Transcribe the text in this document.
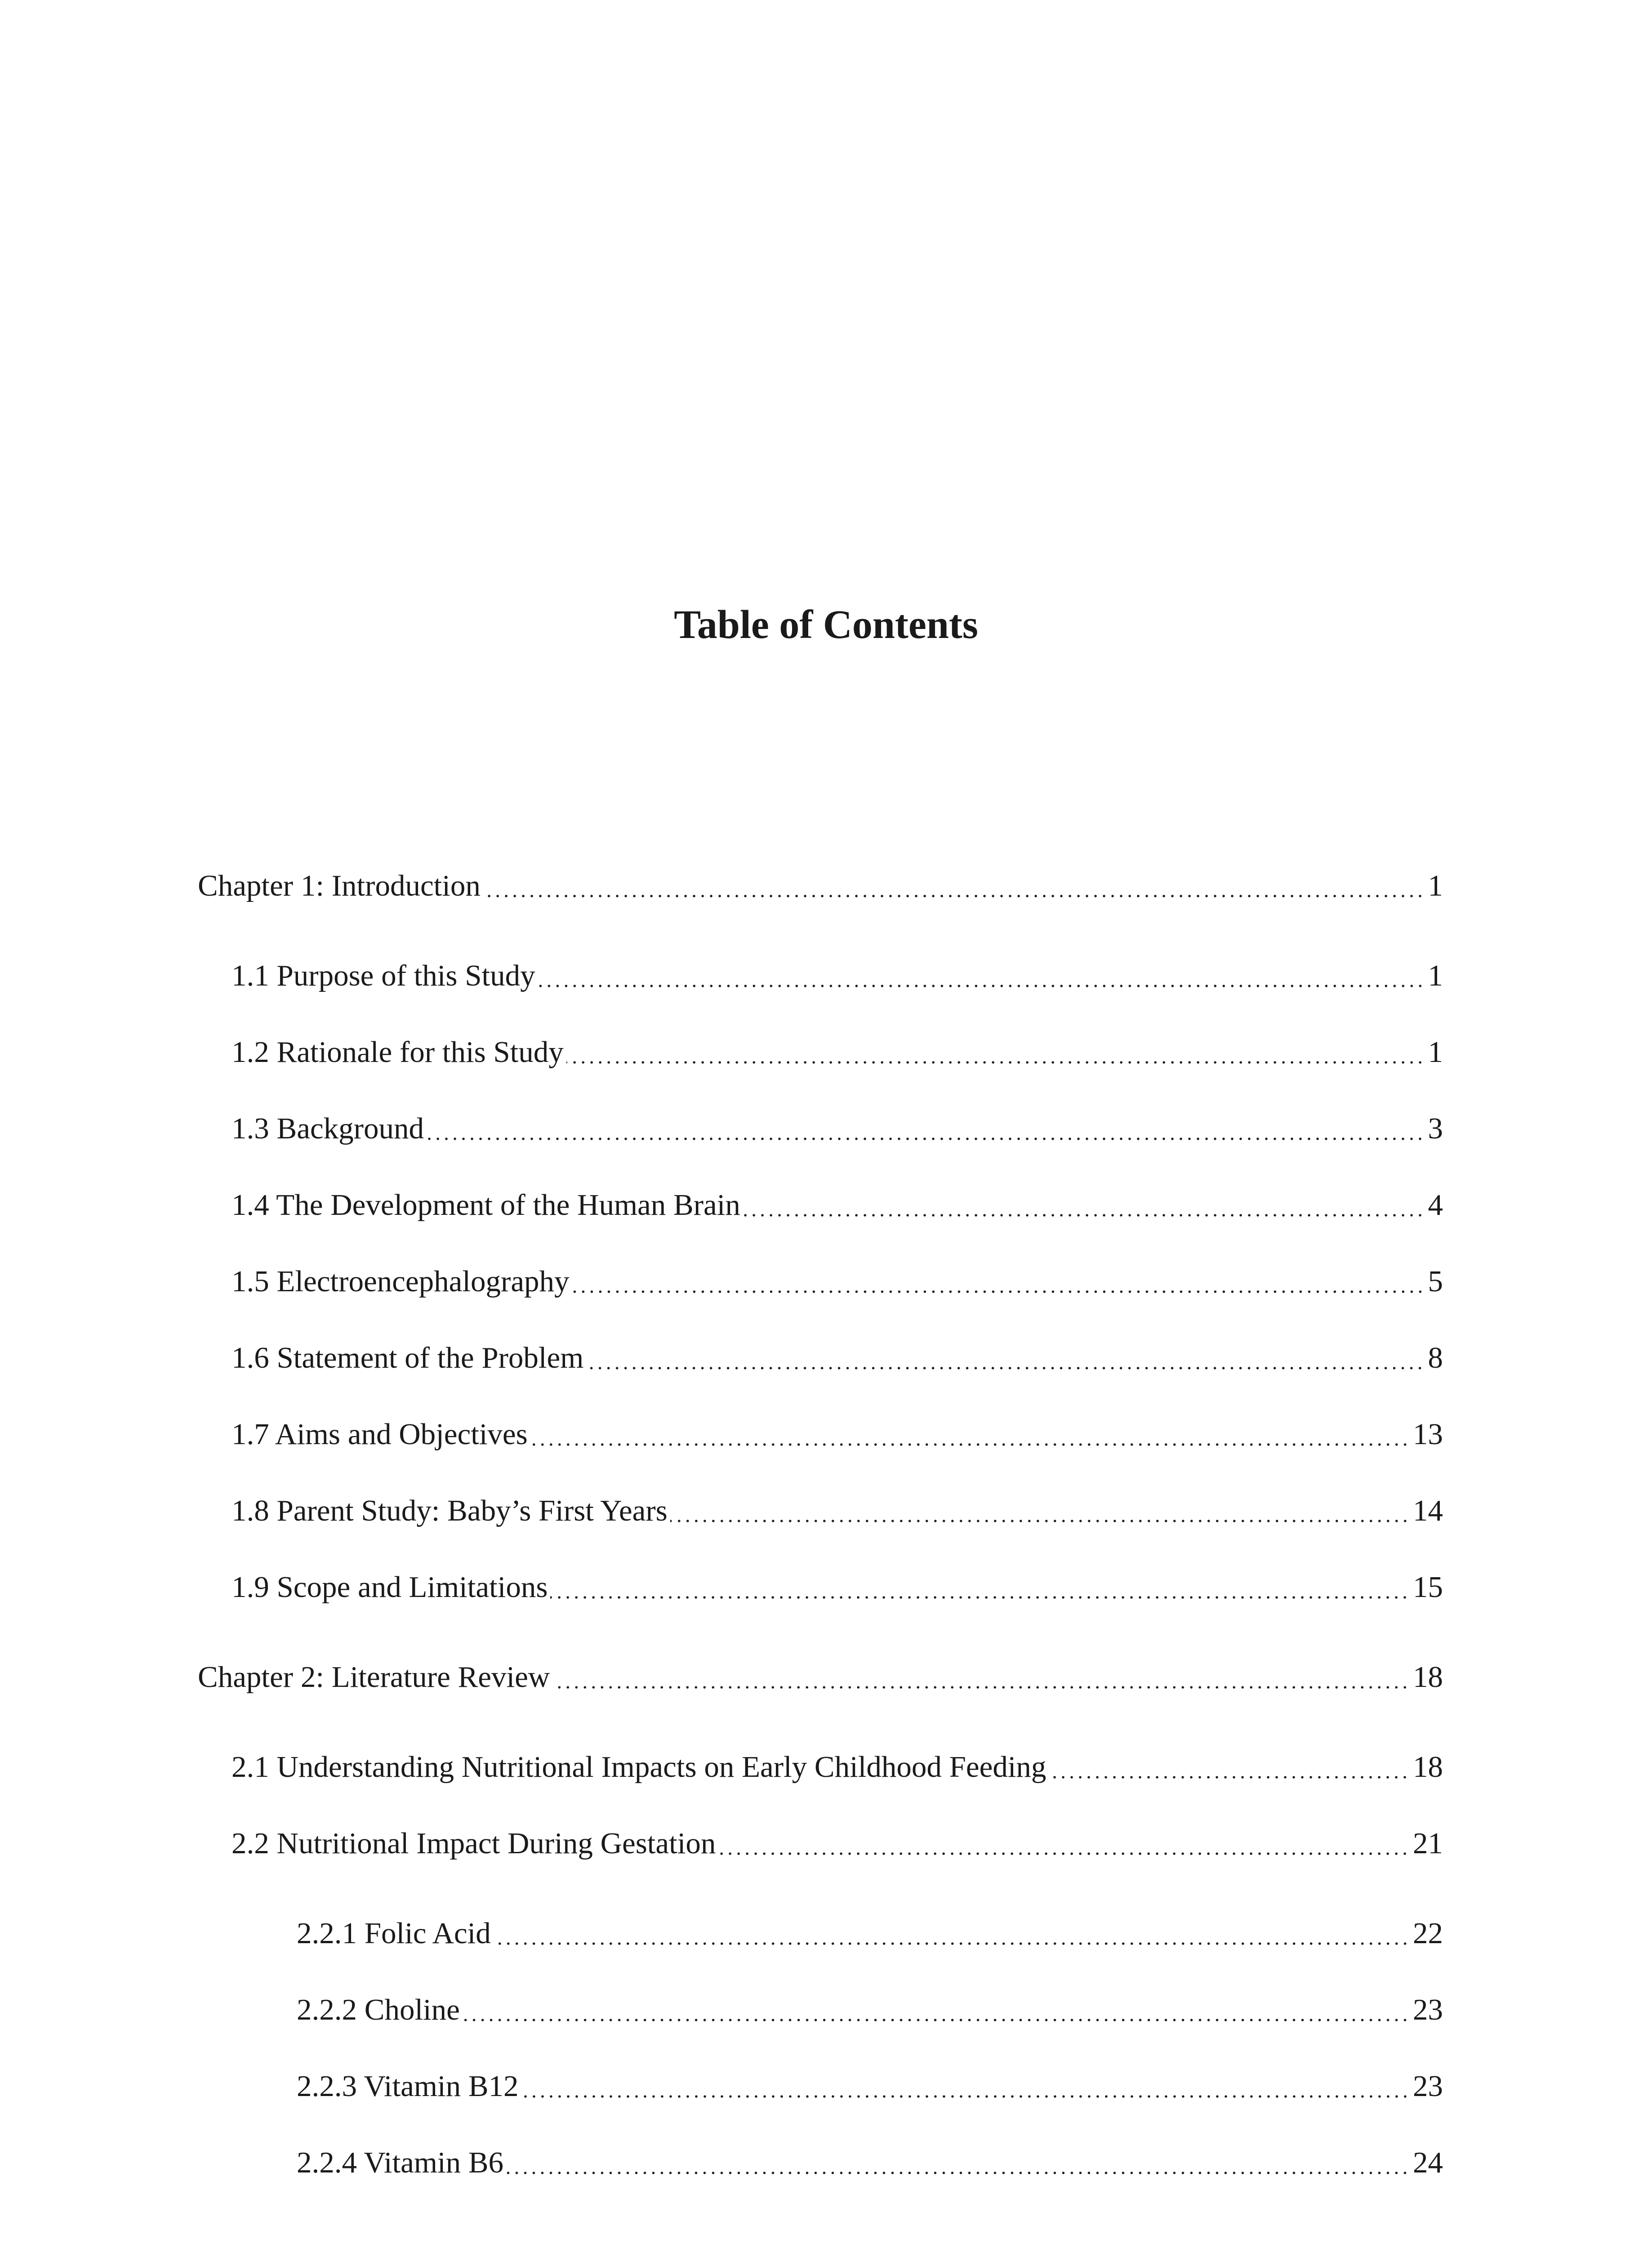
Table of Contents
Chapter 1: Introduction	1
1.1 Purpose of this Study	1
1.2 Rationale for this Study	1
1.3 Background	3
1.4 The Development of the Human Brain	4
1.5 Electroencephalography	5
1.6 Statement of the Problem	8
1.7 Aims and Objectives	13
1.8 Parent Study: Baby’s First Years	14
1.9 Scope and Limitations	15
Chapter 2: Literature Review	18
2.1 Understanding Nutritional Impacts on Early Childhood Feeding	18
2.2 Nutritional Impact During Gestation	21
2.2.1 Folic Acid	22
2.2.2 Choline	23
2.2.3 Vitamin B12	23
2.2.4 Vitamin B6	24
